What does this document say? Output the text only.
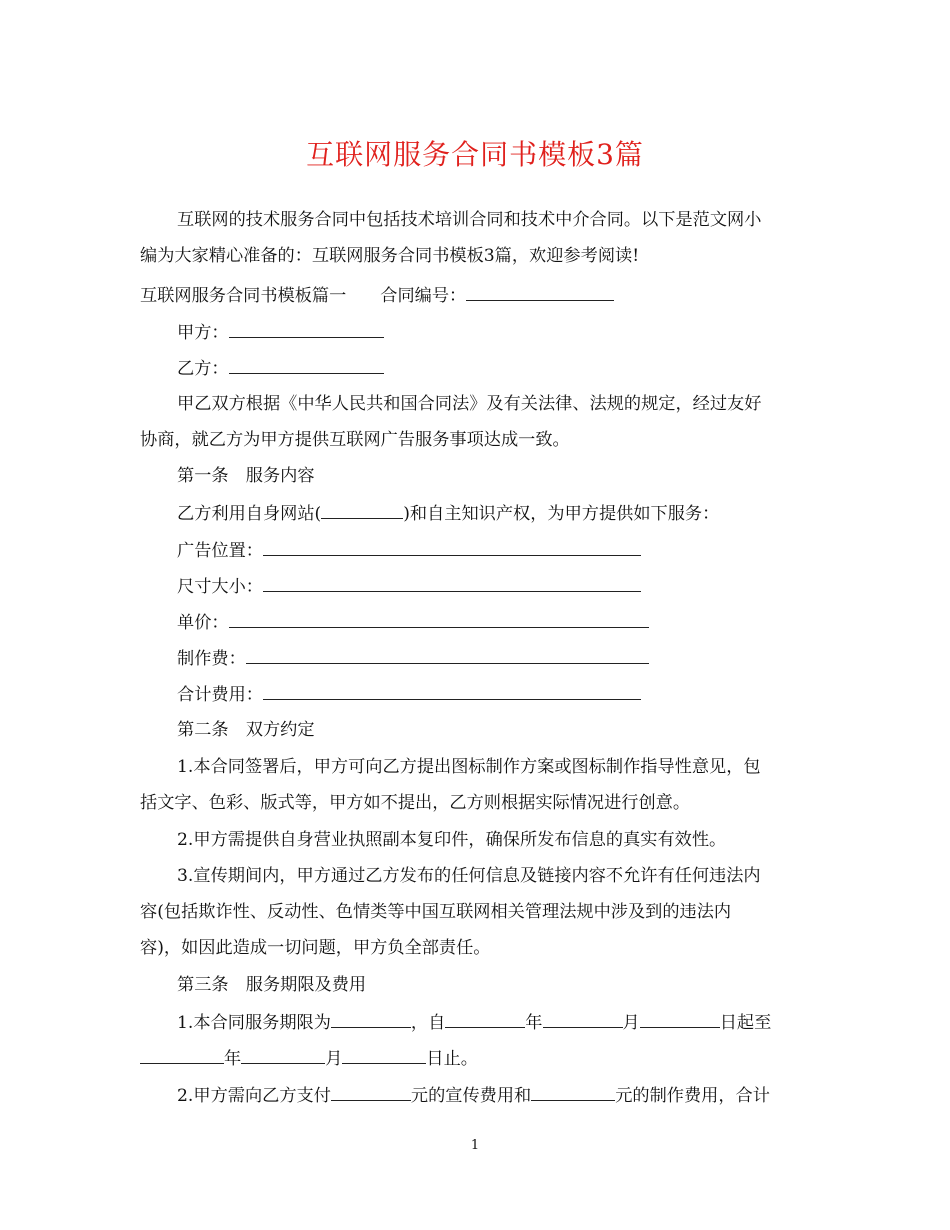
互联网服务合同书模板3篇
互联网的技术服务合同中包括技术培训合同和技术中介合同。以下是范文网小
编为大家精心准备的：互联网服务合同书模板3篇，欢迎参考阅读!
互联网服务合同书模板篇一 合同编号：
甲方：
乙方：
甲乙双方根据《中华人民共和国合同法》及有关法律、法规的规定，经过友好
协商，就乙方为甲方提供互联网广告服务事项达成一致。
第一条　服务内容
乙方利用自身网站(	)和自主知识产权，为甲方提供如下服务：
广告位置：
尺寸大小：
单价：
制作费：
合计费用：
第二条　双方约定
1.本合同签署后，甲方可向乙方提出图标制作方案或图标制作指导性意见，包
括文字、色彩、版式等，甲方如不提出，乙方则根据实际情况进行创意。
2.甲方需提供自身营业执照副本复印件，确保所发布信息的真实有效性。
3.宣传期间内，甲方通过乙方发布的任何信息及链接内容不允许有任何违法内
容(包括欺诈性、反动性、色情类等中国互联网相关管理法规中涉及到的违法内
容)，如因此造成一切问题，甲方负全部责任。
第三条　服务期限及费用
1.本合同服务期限为	，自	年	月	日起至
年	月	日止。
2.甲方需向乙方支付	元的宣传费用和	元的制作费用，合计
1
